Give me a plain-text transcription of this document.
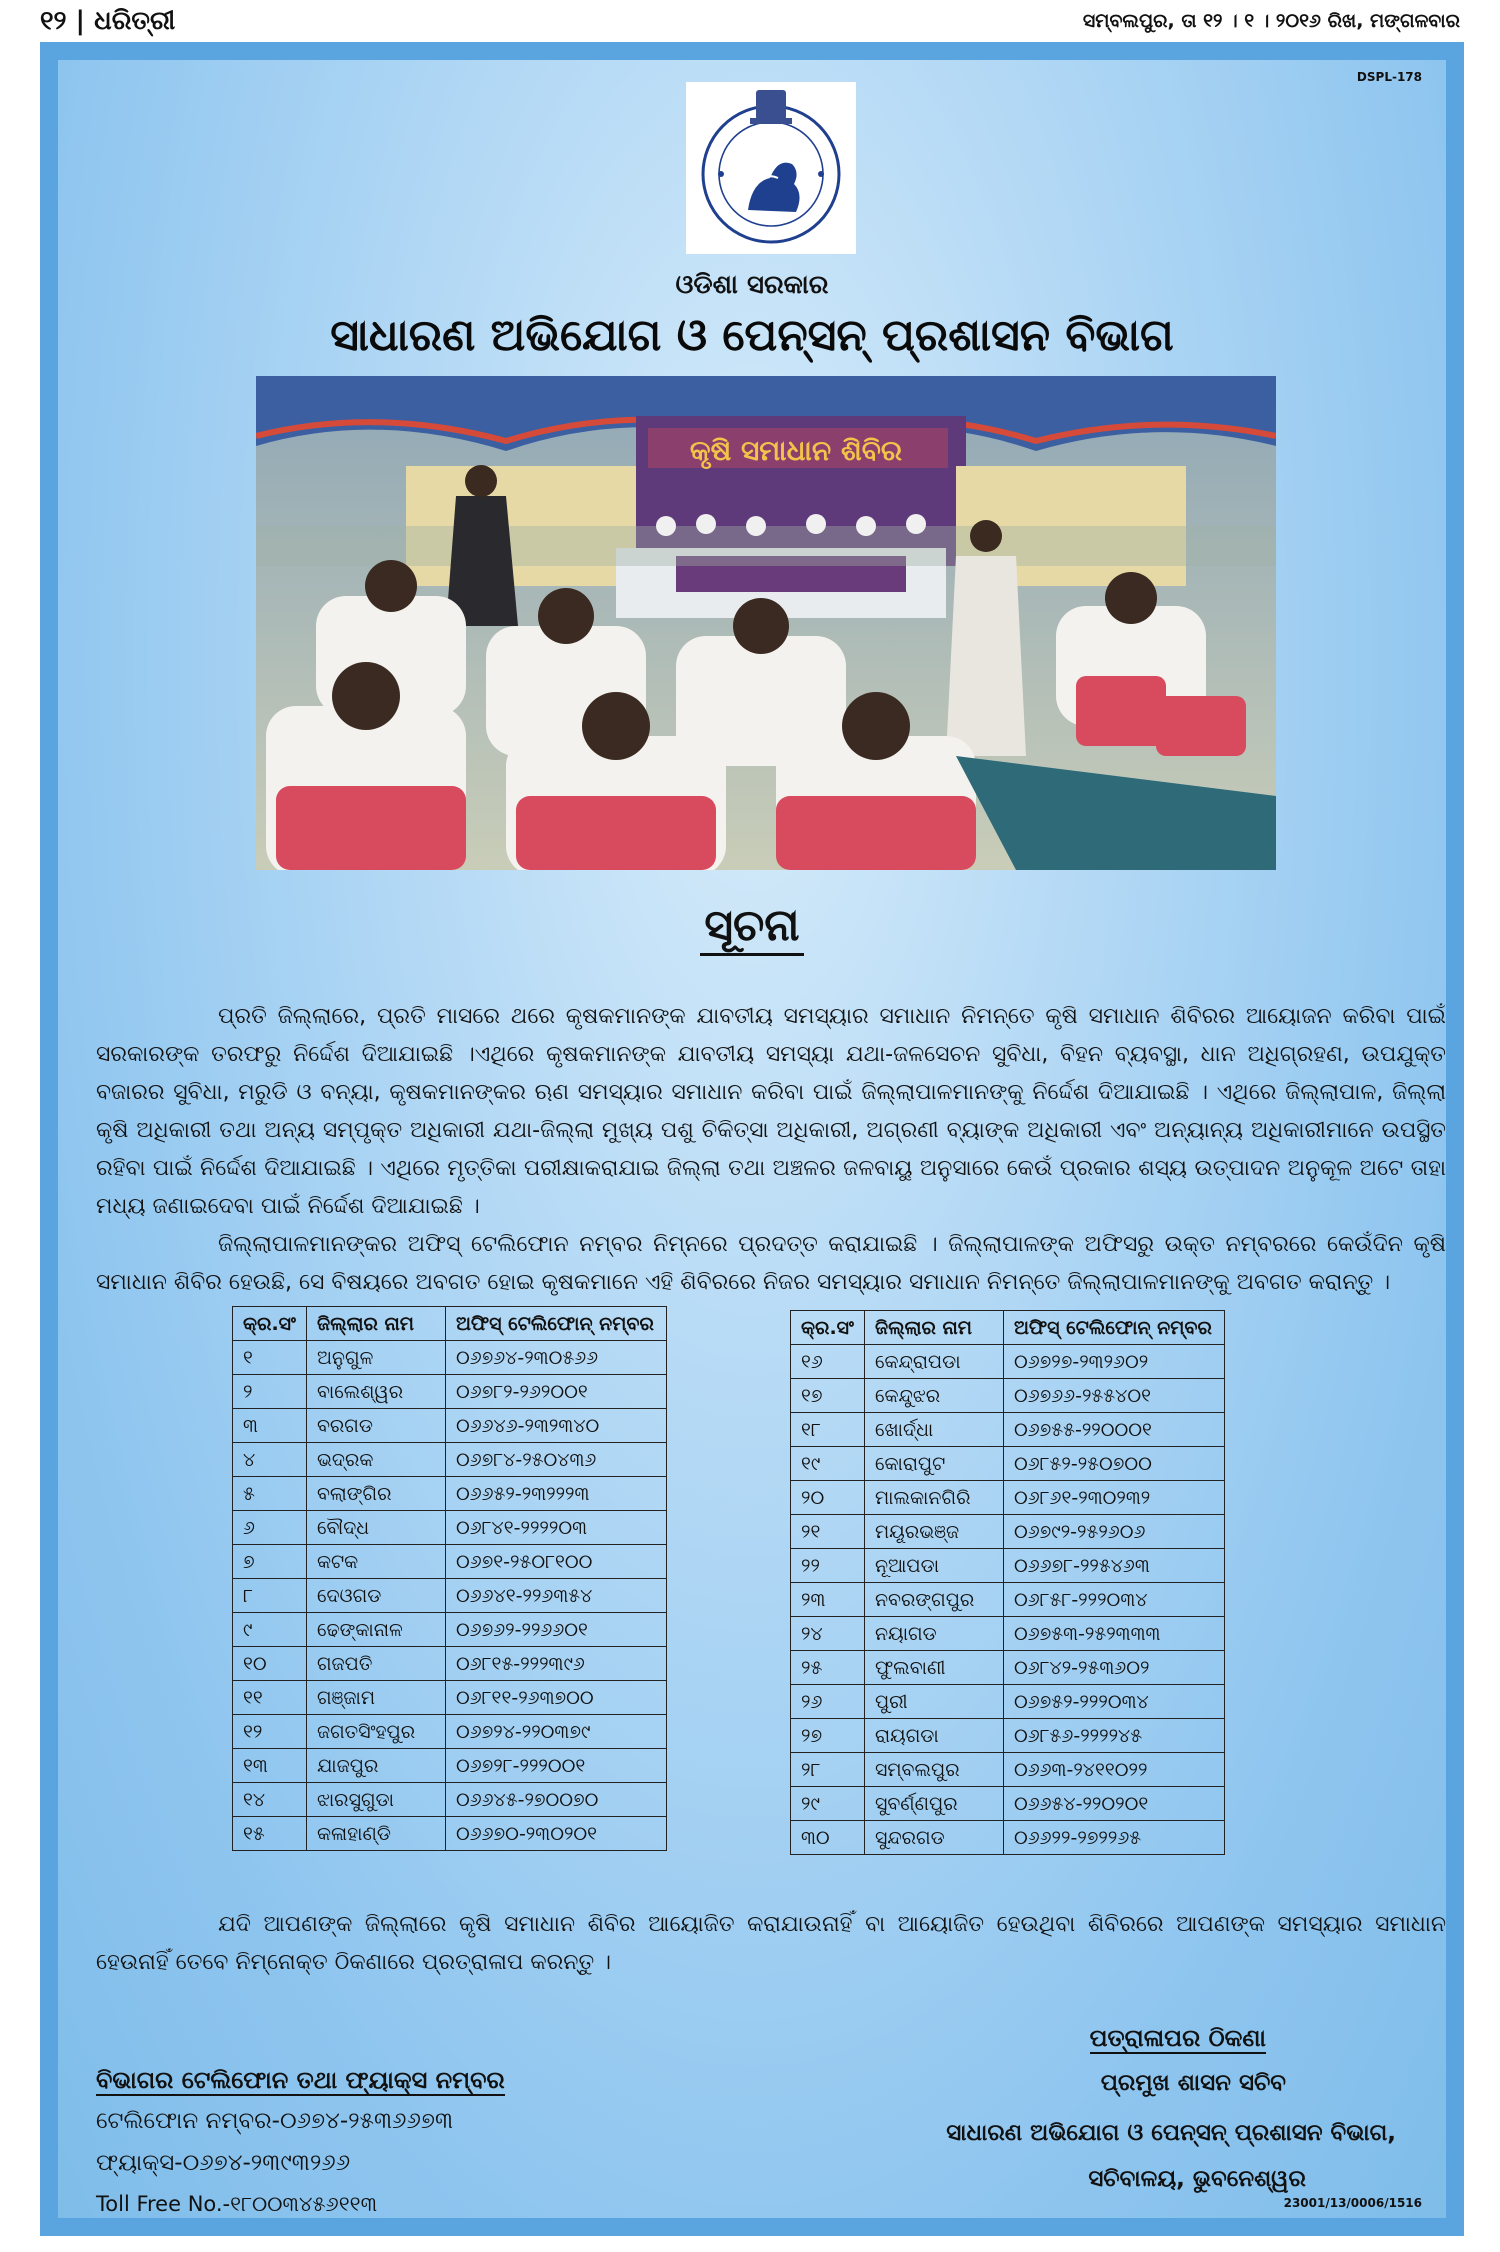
୧୨ | ଧରିତ୍ରୀ	ସମ୍ବଲପୁର, ତା ୧୨ । ୧ । ୨୦୧୬ ରିଖ, ମଙ୍ଗଳବାର
DSPL-178
ଓଡିଶା ସରକାର
ସାଧାରଣ ଅଭିଯୋଗ ଓ ପେନ୍‌ସନ୍ ପ୍ରଶାସନ ବିଭାଗ
କୃଷି ସମାଧାନ ଶିବିର
ସୂଚନା
ପ୍ରତି ଜିଲ୍ଲାରେ, ପ୍ରତି ମାସରେ ଥରେ କୃଷକମାନଙ୍କ ଯାବତୀୟ ସମସ୍ୟାର ସମାଧାନ ନିମନ୍ତେ କୃଷି ସମାଧାନ ଶିବିରର ଆୟୋଜନ କରିବା ପାଇଁ ସରକାରଙ୍କ ତରଫରୁ ନିର୍ଦ୍ଦେଶ ଦିଆଯାଇଛି ।ଏଥିରେ କୃଷକମାନଙ୍କ ଯାବତୀୟ ସମସ୍ୟା ଯଥା-ଜଳସେଚନ ସୁବିଧା, ବିହନ ବ୍ୟବସ୍ଥା, ଧାନ ଅଧିଗ୍ରହଣ, ଉପଯୁକ୍ତ ବଜାରର ସୁବିଧା, ମରୁଡି ଓ ବନ୍ୟା, କୃଷକମାନଙ୍କର ଋଣ ସମସ୍ୟାର ସମାଧାନ କରିବା ପାଇଁ ଜିଲ୍ଲାପାଳମାନଙ୍କୁ ନିର୍ଦ୍ଦେଶ ଦିଆଯାଇଛି । ଏଥିରେ ଜିଲ୍ଲାପାଳ, ଜିଲ୍ଲା କୃଷି ଅଧିକାରୀ ତଥା ଅନ୍ୟ ସମ୍ପୃକ୍ତ ଅଧିକାରୀ ଯଥା-ଜିଲ୍ଲା ମୁଖ୍ୟ ପଶୁ ଚିକିତ୍ସା ଅଧିକାରୀ, ଅଗ୍ରଣୀ ବ୍ୟାଙ୍କ ଅଧିକାରୀ ଏବଂ ଅନ୍ୟାନ୍ୟ ଅଧିକାରୀମାନେ ଉପସ୍ଥିତ ରହିବା ପାଇଁ ନିର୍ଦ୍ଦେଶ ଦିଆଯାଇଛି । ଏଥିରେ ମୃତ୍ତିକା ପରୀକ୍ଷାକରାଯାଇ ଜିଲ୍ଲା ତଥା ଅଞ୍ଚଳର ଜଳବାୟୁ ଅନୁସାରେ କେଉଁ ପ୍ରକାର ଶସ୍ୟ ଉତ୍ପାଦନ ଅନୁକୂଳ ଅଟେ ତାହା ମଧ୍ୟ ଜଣାଇଦେବା ପାଇଁ ନିର୍ଦ୍ଦେଶ ଦିଆଯାଇଛି ।
ଜିଲ୍ଲାପାଳମାନଙ୍କର ଅଫିସ୍ ଟେଲିଫୋନ ନମ୍ବର ନିମ୍ନରେ ପ୍ରଦତ୍ତ କରାଯାଇଛି । ଜିଲ୍ଲାପାଳଙ୍କ ଅଫିସରୁ ଉକ୍ତ ନମ୍ବରରେ କେଉଁଦିନ କୃଷି ସମାଧାନ ଶିବିର ହେଉଛି, ସେ ବିଷୟରେ ଅବଗତ ହୋଇ କୃଷକମାନେ ଏହି ଶିବିରରେ ନିଜର ସମସ୍ୟାର ସମାଧାନ ନିମନ୍ତେ ଜିଲ୍ଲାପାଳମାନଙ୍କୁ ଅବଗତ କରାନ୍ତୁ ।
କ୍ର.ସଂ	ଜିଲ୍ଲାର ନାମ	ଅଫିସ୍ ଟେଲିଫୋନ୍ ନମ୍ବର
୧	ଅନୁଗୁଳ	୦୬୭୬୪-୨୩୦୫୬୬
୨	ବାଲେଶ୍ୱର	୦୬୭୮୨-୨୬୨୦୦୧
୩	ବରଗଡ	୦୬୬୪୬-୨୩୨୩୪୦
୪	ଭଦ୍ରକ	୦୬୭୮୪-୨୫୦୪୩୬
୫	ବଲାଙ୍ଗିର	୦୬୬୫୨-୨୩୨୨୨୩
୬	ବୌଦ୍ଧ	୦୬୮୪୧-୨୨୨୨୦୩
୭	କଟକ	୦୬୭୧-୨୫୦୮୧୦୦
୮	ଦେଓଗଡ	୦୬୬୪୧-୨୨୬୩୫୪
୯	ଢେଙ୍କାନାଳ	୦୬୭୬୨-୨୨୬୬୦୧
୧୦	ଗଜପତି	୦୬୮୧୫-୨୨୨୩୯୬
୧୧	ଗଞ୍ଜାମ	୦୬୮୧୧-୨୬୩୭୦୦
୧୨	ଜଗତସିଂହପୁର	୦୬୭୨୪-୨୨୦୩୭୯
୧୩	ଯାଜପୁର	୦୬୭୨୮-୨୨୨୦୦୧
୧୪	ଝାରସୁଗୁଡା	୦୬୬୪୫-୨୭୦୦୭୦
୧୫	କଳାହାଣ୍ଡି	୦୬୬୭୦-୨୩୦୨୦୧
କ୍ର.ସଂ	ଜିଲ୍ଲାର ନାମ	ଅଫିସ୍ ଟେଲିଫୋନ୍ ନମ୍ବର
୧୬	କେନ୍ଦ୍ରାପଡା	୦୬୭୨୭-୨୩୨୬୦୨
୧୭	କେନ୍ଦୁଝର	୦୬୭୬୬-୨୫୫୪୦୧
୧୮	ଖୋର୍ଦ୍ଧା	୦୬୭୫୫-୨୨୦୦୦୧
୧୯	କୋରାପୁଟ	୦୬୮୫୨-୨୫୦୭୦୦
୨୦	ମାଲକାନଗିରି	୦୬୮୬୧-୨୩୦୨୩୨
୨୧	ମୟୂରଭଞ୍ଜ	୦୬୭୯୨-୨୫୨୬୦୬
୨୨	ନୂଆପଡା	୦୬୬୭୮-୨୨୫୪୬୩
୨୩	ନବରଙ୍ଗପୁର	୦୬୮୫୮-୨୨୨୦୩୪
୨୪	ନୟାଗଡ	୦୬୭୫୩-୨୫୨୩୩୩
୨୫	ଫୁଲବାଣୀ	୦୬୮୪୨-୨୫୩୬୦୨
୨୬	ପୁରୀ	୦୬୭୫୨-୨୨୨୦୩୪
୨୭	ରାୟଗଡା	୦୬୮୫୬-୨୨୨୨୪୫
୨୮	ସମ୍ବଲପୁର	୦୬୬୩-୨୪୧୧୦୨୨
୨୯	ସୁବର୍ଣ୍ଣପୁର	୦୬୬୫୪-୨୨୦୨୦୧
୩୦	ସୁନ୍ଦରଗଡ	୦୬୬୨୨-୨୭୨୨୬୫
ଯଦି ଆପଣଙ୍କ ଜିଲ୍ଲାରେ କୃଷି ସମାଧାନ ଶିବିର ଆୟୋଜିତ କରାଯାଉନାହିଁ ବା ଆୟୋଜିତ ହେଉଥିବା ଶିବିରରେ ଆପଣଙ୍କ ସମସ୍ୟାର ସମାଧାନ ହେଉନାହିଁ ତେବେ ନିମ୍ନୋକ୍ତ ଠିକଣାରେ ପ୍ରତ୍ରାଳାପ କରନ୍ତୁ ।
ବିଭାଗର ଟେଲିଫୋନ ତଥା ଫ୍ୟାକ୍ସ ନମ୍ବର
ଟେଲିଫୋନ ନମ୍ବର-୦୬୭୪-୨୫୩୬୬୭୩
ଫ୍ୟାକ୍ସ-୦୬୭୪-୨୩୯୩୨୬୬
Toll Free No.-୧୮୦୦୩୪୫୬୧୧୩
ପତ୍ରାଳାପର ଠିକଣା
ପ୍ରମୁଖ ଶାସନ ସଚିବ
ସାଧାରଣ ଅଭିଯୋଗ ଓ ପେନ୍‌ସନ୍ ପ୍ରଶାସନ ବିଭାଗ,
ସଚିବାଳୟ, ଭୁବନେଶ୍ୱର
23001/13/0006/1516
